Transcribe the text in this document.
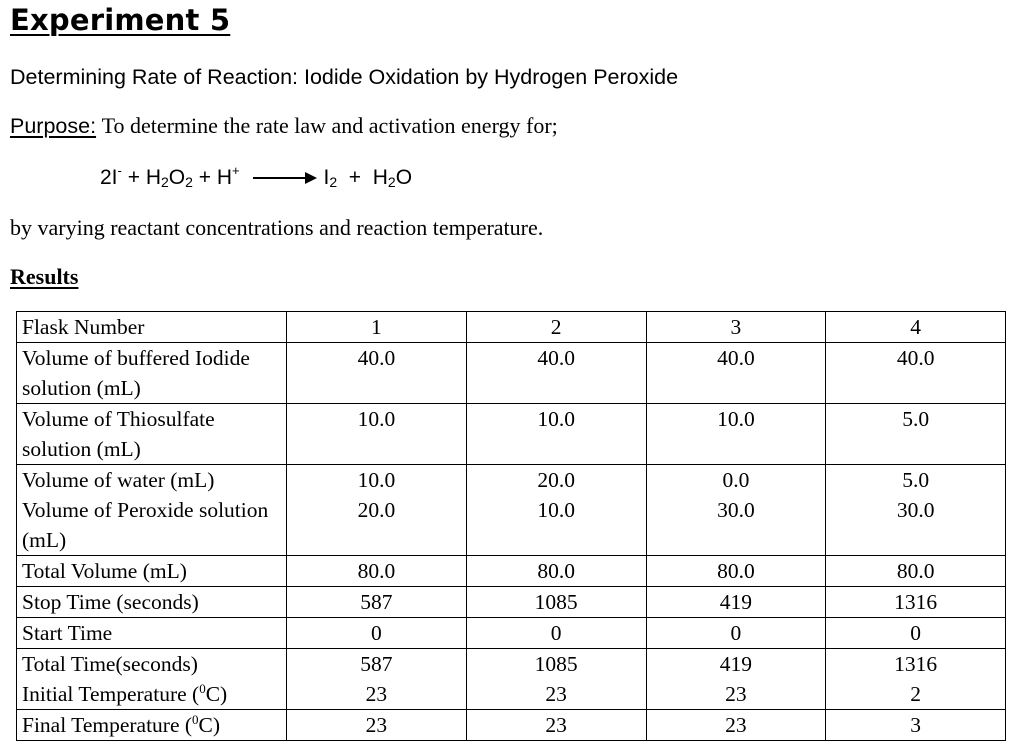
Experiment 5
Determining Rate of Reaction: Iodide Oxidation by Hydrogen Peroxide
Purpose: To determine the rate law and activation energy for;
$2I^- + H_2O_2 + H^+$	$I_2 + H_2O$
by varying reactant concentrations and reaction temperature.
Results
Flask Number	1	2	3	4
Volume of buffered Iodide solution (mL)	40.0	40.0	40.0	40.0
Volume of Thiosulfate solution (mL)	10.0	10.0	10.0	5.0
Volume of water (mL)	10.0	20.0	0.0	5.0
Volume of Peroxide solution (mL)	20.0	10.0	30.0	30.0
Total Volume (mL)	80.0	80.0	80.0	80.0
Stop Time (seconds)	587	1085	419	1316
Start Time	0	0	0	0
Total Time(seconds)	587	1085	419	1316
Initial Temperature ($^0$C)	23	23	23	2
Final Temperature ($^0$C)	23	23	23	3
